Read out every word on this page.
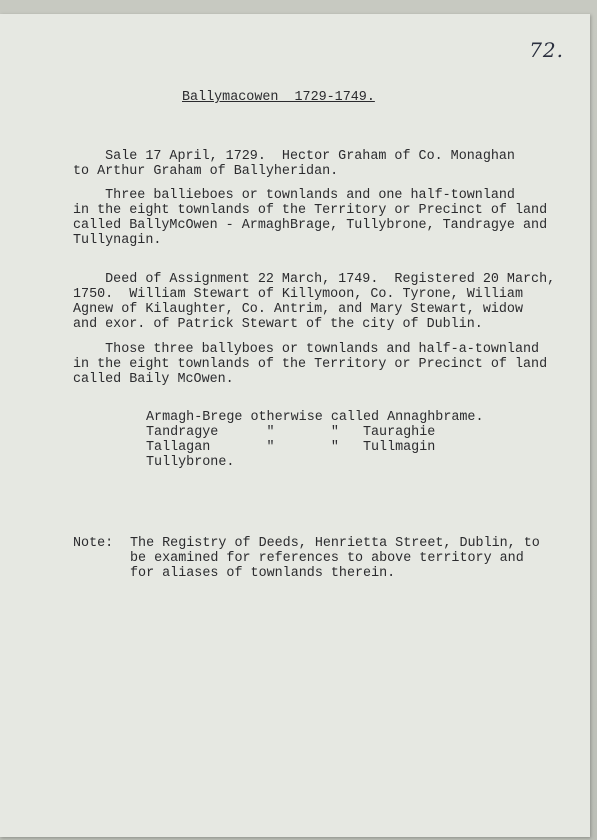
72.
Ballymacowen  1729-1749.
Sale 17 April, 1729.  Hector Graham of Co. Monaghan
to Arthur Graham of Ballyheridan.
Three ballieboes or townlands and one half-townland
in the eight townlands of the Territory or Precinct of land
called BallyMcOwen - ArmaghBrage, Tullybrone, Tandragye and
Tullynagin.
Deed of Assignment 22 March, 1749.  Registered 20 March,
1750.  William Stewart of Killymoon, Co. Tyrone, William
Agnew of Kilaughter, Co. Antrim, and Mary Stewart, widow
and exor. of Patrick Stewart of the city of Dublin.
Those three ballyboes or townlands and half-a-townland
in the eight townlands of the Territory or Precinct of land
called Baily McOwen.
Armagh-Brege otherwise called Annaghbrame.
Tandragye      "       "   Tauraghie
Tallagan       "       "   Tullmagin
Tullybrone.
Note: The Registry of Deeds, Henrietta Street, Dublin, to
be examined for references to above territory and
for aliases of townlands therein.
